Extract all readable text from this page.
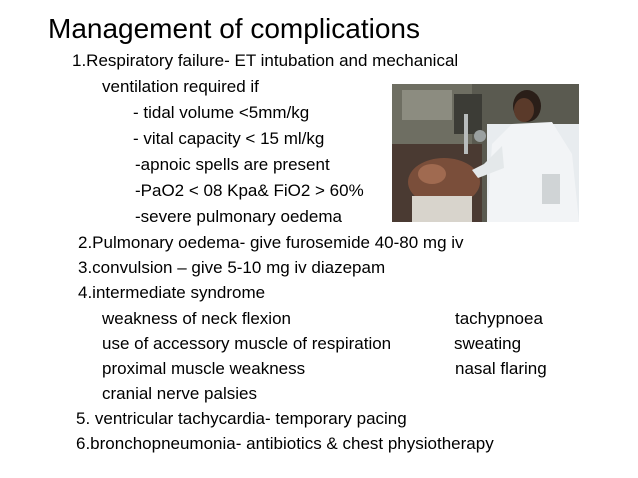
Management of complications
1.Respiratory failure- ET intubation and mechanical
ventilation required if
- tidal volume <5mm/kg
- vital capacity < 15 ml/kg
-apnoic spells are present
-PaO2 < 08 Kpa& FiO2 > 60%
-severe pulmonary oedema
2.Pulmonary oedema- give furosemide 40-80 mg iv
3.convulsion – give 5-10 mg iv diazepam
4.intermediate syndrome
weakness of neck flexion	tachypnoea
use of accessory muscle of respiration	sweating
proximal muscle weakness	nasal flaring
cranial nerve palsies
5. ventricular tachycardia- temporary pacing
6.bronchopneumonia- antibiotics & chest physiotherapy
